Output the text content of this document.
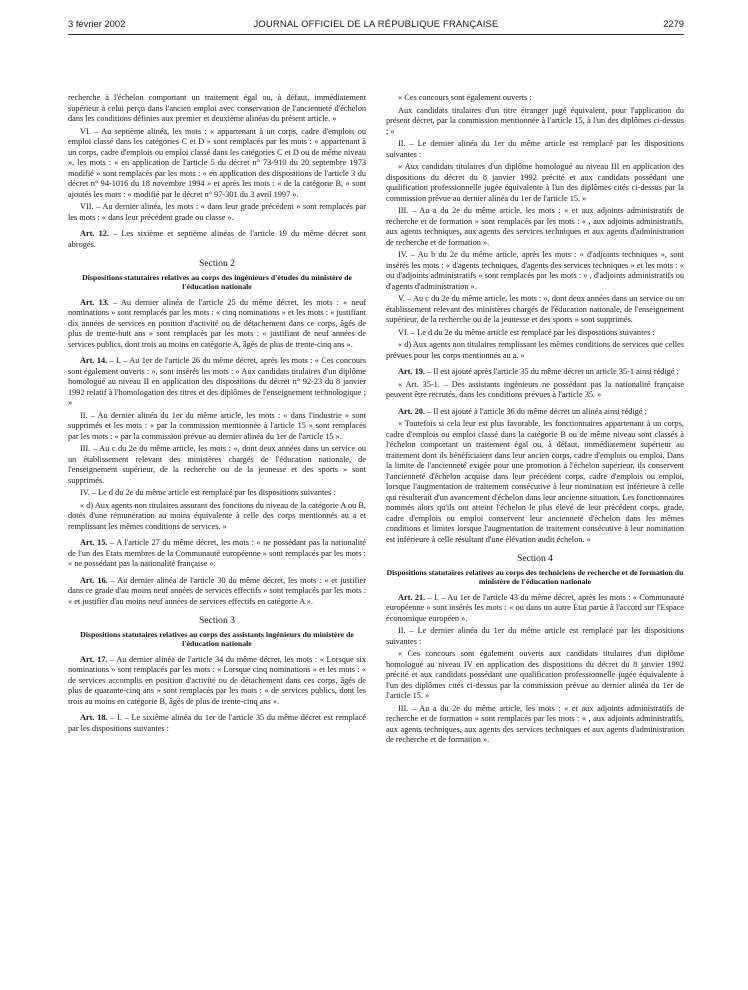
3 février 2002	JOURNAL OFFICIEL DE LA RÉPUBLIQUE FRANÇAISE	2279

recherche à l'échelon comportant un traitement égal ou, à défaut, immédiatement supérieur à celui perçu dans l'ancien emploi avec conservation de l'ancienneté d'échelon dans les conditions définies aux premier et deuxième alinéas du présent article. »

VI. – Au septième alinéa, les mots : « appartenant à un corps, cadre d'emplois ou emploi classé dans les catégories C et D » sont remplacés par les mots : « appartenant à un corps, cadre d'emplois ou emploi classé dans les catégories C et D ou de même niveau », les mots : « en application de l'article 5 du décret n° 73-910 du 20 septembre 1973 modifié » sont remplacés par les mots : « en application des dispositions de l'article 3 du décret n° 94-1016 du 18 novembre 1994 » et après les mots : « de la catégorie B, » sont ajoutés les mots : « modifié par le décret n° 97-301 du 3 avril 1997 ».

VII. – Au dernier alinéa, les mots : « dans leur grade précédent » sont remplacés par les mots : « dans leur précédent grade ou classe ».

Art. 12. – Les sixième et septième alinéas de l'article 19 du même décret sont abrogés.

Section 2
Dispositions statutaires relatives au corps des ingénieurs d'études du ministère de l'éducation nationale

Art. 13. – Au dernier alinéa de l'article 25 du même décret, les mots : « neuf nominations » sont remplacés par les mots : « cinq nominations » et les mots : « justifiant dix années de services en position d'activité ou de détachement dans ce corps, âgés de plus de trente-huit ans » sont remplacés par les mots : « justifiant de neuf années de services publics, dont trois au moins en catégorie A, âgés de plus de trente-cinq ans ».

Art. 14. – I. – Au 1er de l'article 26 du même décret, après les mots : « Ces concours sont également ouverts : », sont insérés les mots : « Aux candidats titulaires d'un diplôme homologué au niveau II en application des dispositions du décret n° 92-23 du 8 janvier 1992 relatif à l'homologation des titres et des diplômes de l'enseignement technologique ; »

II. – Au dernier alinéa du 1er du même article, les mots : « dans l'industrie » sont supprimés et les mots : « par la commission mentionnée à l'article 15 » sont remplacés par les mots : « par la commission prévue au dernier alinéa du 1er de l'article 15 ».

III. – Au c du 2e du même article, les mots : «, dont deux années dans un service ou un établissement relevant des ministères chargés de l'éducation nationale, de l'enseignement supérieur, de la recherche ou de la jeunesse et des sports » sont supprimés.

IV. – Le d du 2e du même article est remplacé par les dispositions suivantes :

« d) Aux agents non titulaires assurant des fonctions du niveau de la catégorie A ou B, dotés d'une rémunération au moins équivalente à celle des corps mentionnés au a et remplissant les mêmes conditions de services. »

Art. 15. – A l'article 27 du même décret, les mots : « ne possédant pas la nationalité de l'un des Etats membres de la Communauté européenne » sont remplacés par les mots : « ne possédant pas la nationalité française ».

Art. 16. – Au dernier alinéa de l'article 30 du même décret, les mots : « et justifier dans ce grade d'au moins neuf années de services effectifs » sont remplacés par les mots : « et justifier d'au moins neuf années de services effectifs en catégorie A ».

Section 3
Dispositions statutaires relatives au corps des assistants ingénieurs du ministère de l'éducation nationale

Art. 17. – Au dernier alinéa de l'article 34 du même décret, les mots : « Lorsque six nominations » sont remplacés par les mots : « Lorsque cinq nominations » et les mots : « de services accomplis en position d'activité ou de détachement dans ces corps, âgés de plus de quarante-cinq ans » sont remplacés par les mots : « de services publics, dont les trois au moins en catégorie B, âgés de plus de trente-cinq ans ».

Art. 18. – I. – Le sixième alinéa du 1er de l'article 35 du même décret est remplacé par les dispositions suivantes :

« Ces concours sont également ouverts :

Aux candidats titulaires d'un titre étranger jugé équivalent, pour l'application du présent décret, par la commission mentionnée à l'article 15, à l'un des diplômes ci-dessus ; »

II. – Le dernier alinéa du 1er du même article est remplacé par les dispositions suivantes :

« Aux candidats titulaires d'un diplôme homologué au niveau III en application des dispositions du décret du 8 janvier 1992 précité et aux candidats possédant une qualification professionnelle jugée équivalente à l'un des diplômes cités ci-dessus par la commission prévue au dernier alinéa du 1er de l'article 15. »

III. – Au a du 2e du même article, les mots : « et aux adjoints administratifs de recherche et de formation » sont remplacés par les mots : « , aux adjoints administratifs, aux agents techniques, aux agents des services techniques et aux agents d'administration de recherche et de formation ».

IV. – Au b du 2e du même article, après les mots : « d'adjoints techniques », sont insérés les mots : « d'agents techniques, d'agents des services techniques » et les mots : « ou d'adjoints administratifs » sont remplacés par les mots : « , d'adjoints administratifs ou d'agents d'administration ».

V. – Au c du 2e du même article, les mots : «, dont deux années dans un service ou un établissement relevant des ministères chargés de l'éducation nationale, de l'enseignement supérieur, de la recherche ou de la jeunesse et des sports » sont supprimés.

VI. – Le d du 2e du même article est remplacé par les dispositions suivantes :

« d) Aux agents non titulaires remplissant les mêmes conditions de services que celles prévues pour les corps mentionnés au a. »

Art. 19. – Il est ajouté après l'article 35 du même décret un article 35-1 ainsi rédigé :

« Art. 35-1. – Des assistants ingénieurs ne possédant pas la nationalité française peuvent être recrutés, dans les conditions prévues à l'article 35. »

Art. 20. – Il est ajouté à l'article 36 du même décret un alinéa ainsi rédigé :

« Toutefois si cela leur est plus favorable, les fonctionnaires appartenant à un corps, cadre d'emplois ou emploi classé dans la catégorie B ou de même niveau sont classés à l'échelon comportant un traitement égal ou, à défaut, immédiatement supérieur au traitement dont ils bénéficiaient dans leur ancien corps, cadre d'emplois ou emploi. Dans la limite de l'ancienneté exigée pour une promotion à l'échelon supérieur, ils conservent l'ancienneté d'échelon acquise dans leur précédent corps, cadre d'emplois ou emploi, lorsque l'augmentation de traitement consécutive à leur nomination est inférieure à celle qui résulterait d'un avancement d'échelon dans leur ancienne situation. Les fonctionnaires nommés alors qu'ils ont atteint l'échelon le plus élevé de leur précédent corps, grade, cadre d'emplois ou emploi conservent leur ancienneté d'échelon dans les mêmes conditions et limites lorsque l'augmentation de traitement consécutive à leur nomination est inférieure à celle résultant d'une élévation audit échelon. »

Section 4
Dispositions statutaires relatives au corps des techniciens de recherche et de formation du ministère de l'éducation nationale

Art. 21. – I. – Au 1er de l'article 43 du même décret, après les mots : « Communauté européenne » sont insérés les mots : « ou dans un autre Etat partie à l'accord sur l'Espace économique européen ».

II. – Le dernier alinéa du 1er du même article est remplacé par les dispositions suivantes :

« Ces concours sont également ouverts aux candidats titulaires d'un diplôme homologué au niveau IV en application des dispositions du décret du 8 janvier 1992 précité et aux candidats possédant une qualification professionnelle jugée équivalente à l'un des diplômes cités ci-dessus par la commission prévue au dernier alinéa du 1er de l'article 15. »

III. – Au a du 2e du même article, les mots : « et aux adjoints administratifs de recherche et de formation » sont remplacés par les mots : « , aux adjoints administratifs, aux agents techniques, aux agents des services techniques et aux agents d'administration de recherche et de formation ».
